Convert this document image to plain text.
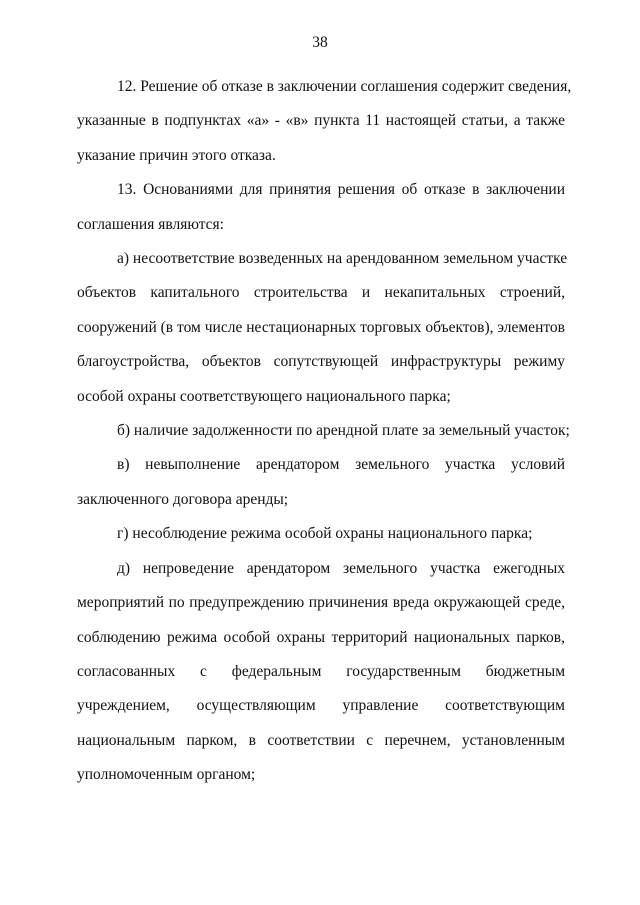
38
12. Решение об отказе в заключении соглашения содержит сведения,
указанные в подпунктах «а» - «в» пункта 11 настоящей статьи, а также
указание причин этого отказа.
13. Основаниями для принятия решения об отказе в заключении
соглашения являются:
а) несоответствие возведенных на арендованном земельном участке
объектов капитального строительства и некапитальных строений,
сооружений (в том числе нестационарных торговых объектов), элементов
благоустройства, объектов сопутствующей инфраструктуры режиму
особой охраны соответствующего национального парка;
б) наличие задолженности по арендной плате за земельный участок;
в) невыполнение арендатором земельного участка условий
заключенного договора аренды;
г) несоблюдение режима особой охраны национального парка;
д) непроведение арендатором земельного участка ежегодных
мероприятий по предупреждению причинения вреда окружающей среде,
соблюдению режима особой охраны территорий национальных парков,
согласованных с федеральным государственным бюджетным
учреждением, осуществляющим управление соответствующим
национальным парком, в соответствии с перечнем, установленным
уполномоченным органом;
